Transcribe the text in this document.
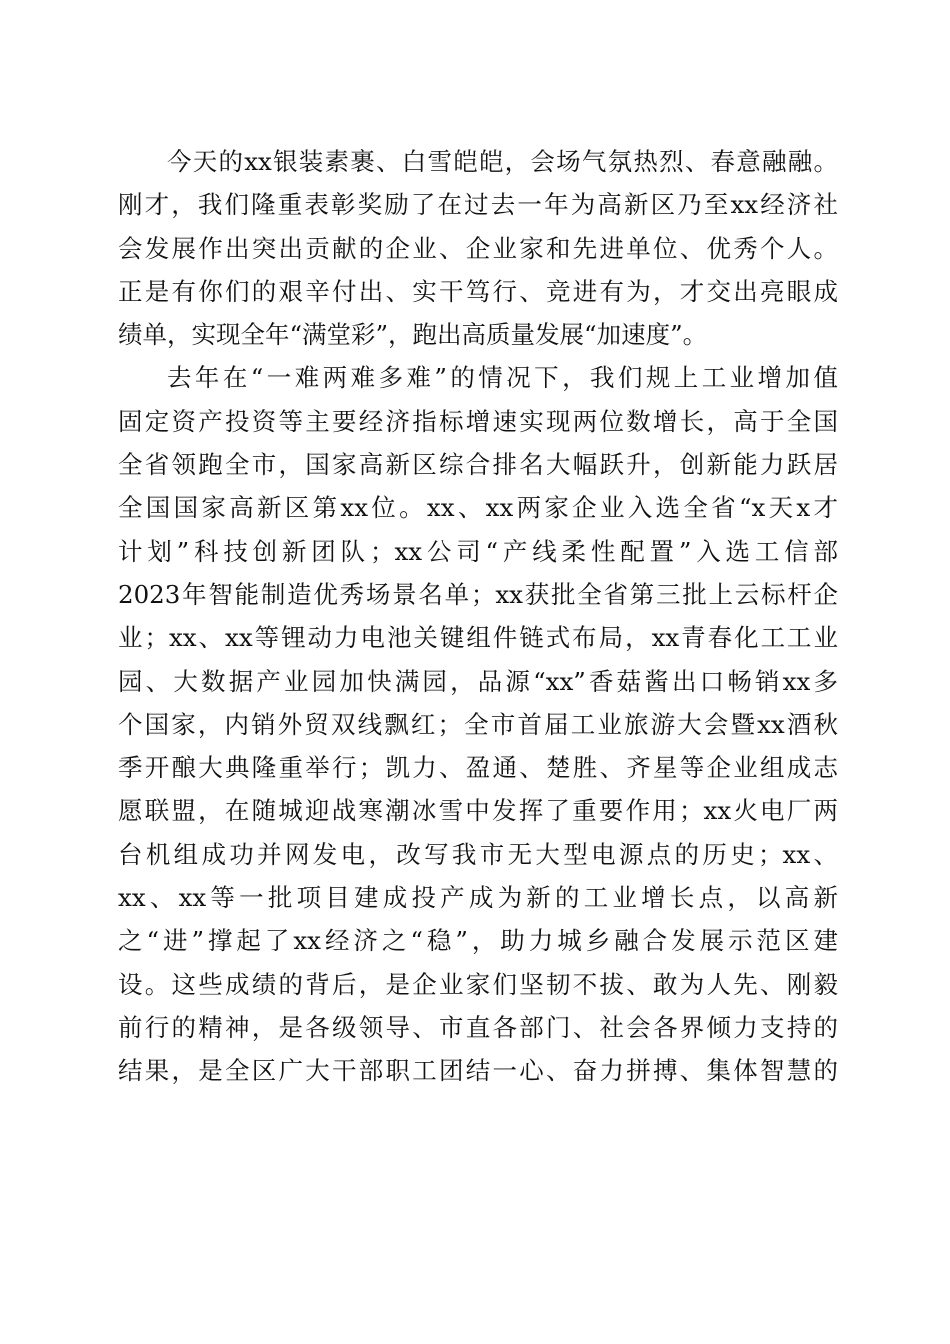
今天的xx银装素裹、白雪皑皑，会场气氛热烈、春意融融。
刚才，我们隆重表彰奖励了在过去一年为高新区乃至xx经济社
会发展作出突出贡献的企业、企业家和先进单位、优秀个人。
正是有你们的艰辛付出、实干笃行、竞进有为，才交出亮眼成
绩单，实现全年“满堂彩”，跑出高质量发展“加速度”。
去年在“一难两难多难”的情况下，我们规上工业增加值
固定资产投资等主要经济指标增速实现两位数增长，高于全国
全省领跑全市，国家高新区综合排名大幅跃升，创新能力跃居
全国国家高新区第xx位。xx、xx两家企业入选全省“x天x才
计划”科技创新团队；xx公司“产线柔性配置”入选工信部
2023年智能制造优秀场景名单；xx获批全省第三批上云标杆企
业；xx、xx等锂动力电池关键组件链式布局，xx青春化工工业
园、大数据产业园加快满园，品源“xx”香菇酱出口畅销xx多
个国家，内销外贸双线飘红；全市首届工业旅游大会暨xx酒秋
季开酿大典隆重举行；凯力、盈通、楚胜、齐星等企业组成志
愿联盟，在随城迎战寒潮冰雪中发挥了重要作用；xx火电厂两
台机组成功并网发电，改写我市无大型电源点的历史；xx、
xx、xx等一批项目建成投产成为新的工业增长点，以高新
之“进”撑起了xx经济之“稳”，助力城乡融合发展示范区建
设。这些成绩的背后，是企业家们坚韧不拔、敢为人先、刚毅
前行的精神，是各级领导、市直各部门、社会各界倾力支持的
结果，是全区广大干部职工团结一心、奋力拼搏、集体智慧的
